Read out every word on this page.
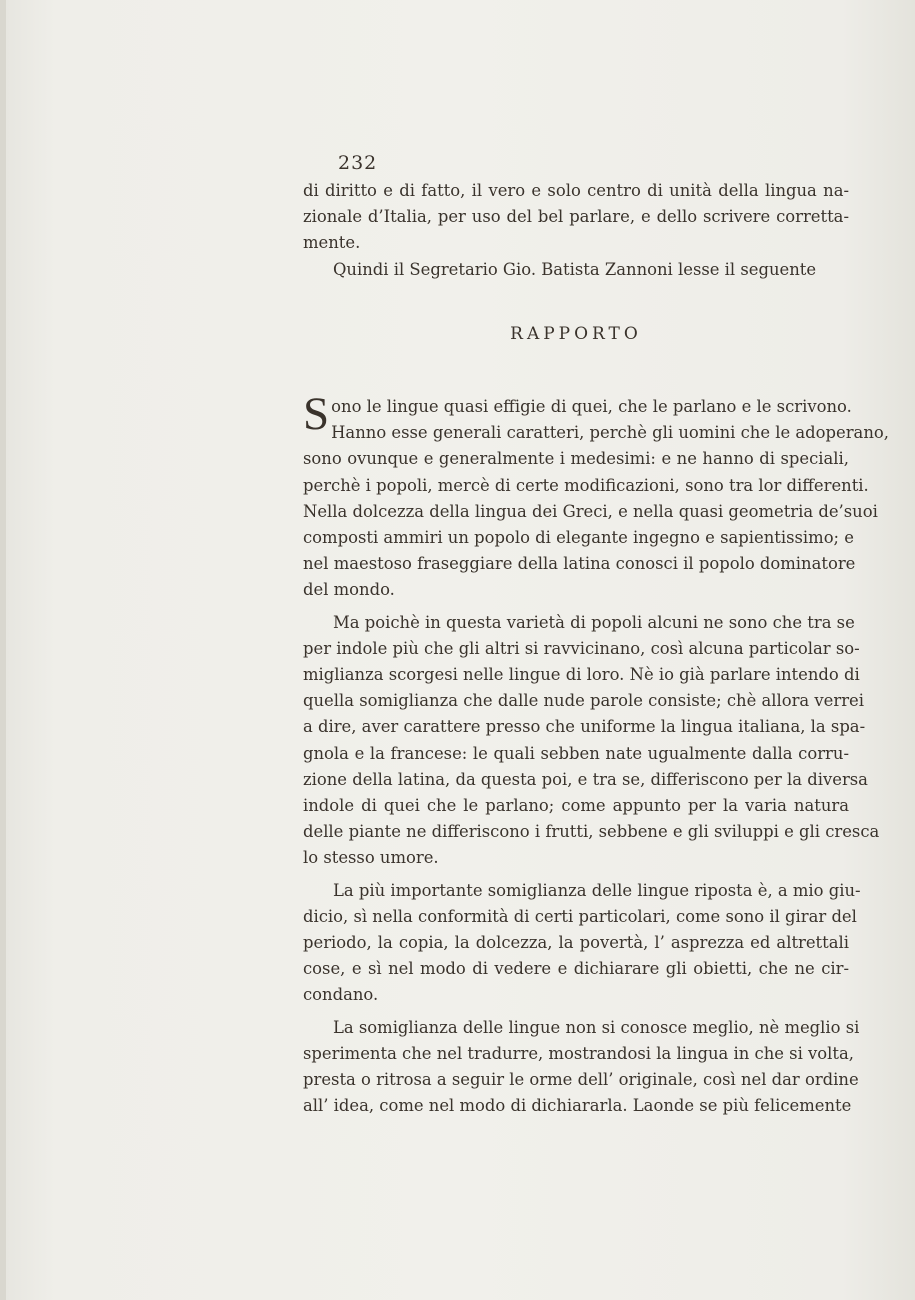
232
di diritto e di fatto, il vero e solo centro di unità della lingua na-
zionale d’Italia, per uso del bel parlare, e dello scrivere corretta-
mente.
Quindi il Segretario Gio. Batista Zannoni lesse il seguente
RAPPORTO
S ono le lingue quasi effigie di quei, che le parlano e le scrivono.
Hanno esse generali caratteri, perchè gli uomini che le adoperano,
sono ovunque e generalmente i medesimi: e ne hanno di speciali,
perchè i popoli, mercè di certe modificazioni, sono tra lor differenti.
Nella dolcezza della lingua dei Greci, e nella quasi geometria de’suoi
composti ammiri un popolo di elegante ingegno e sapientissimo; e
nel maestoso fraseggiare della latina conosci il popolo dominatore
del mondo.
Ma poichè in questa varietà di popoli alcuni ne sono che tra se
per indole più che gli altri si ravvicinano, così alcuna particolar so-
miglianza scorgesi nelle lingue di loro. Nè io già parlare intendo di
quella somiglianza che dalle nude parole consiste; chè allora verrei
a dire, aver carattere presso che uniforme la lingua italiana, la spa-
gnola e la francese: le quali sebben nate ugualmente dalla corru-
zione della latina, da questa poi, e tra se, differiscono per la diversa
indole di quei che le parlano; come appunto per la varia natura
delle piante ne differiscono i frutti, sebbene e gli sviluppi e gli cresca
lo stesso umore.
La più importante somiglianza delle lingue riposta è, a mio giu-
dicio, sì nella conformità di certi particolari, come sono il girar del
periodo, la copia, la dolcezza, la povertà, l’ asprezza ed altrettali
cose, e sì nel modo di vedere e dichiarare gli obietti, che ne cir-
condano.
La somiglianza delle lingue non si conosce meglio, nè meglio si
sperimenta che nel tradurre, mostrandosi la lingua in che si volta,
presta o ritrosa a seguir le orme dell’ originale, così nel dar ordine
all’ idea, come nel modo di dichiararla. Laonde se più felicemente
